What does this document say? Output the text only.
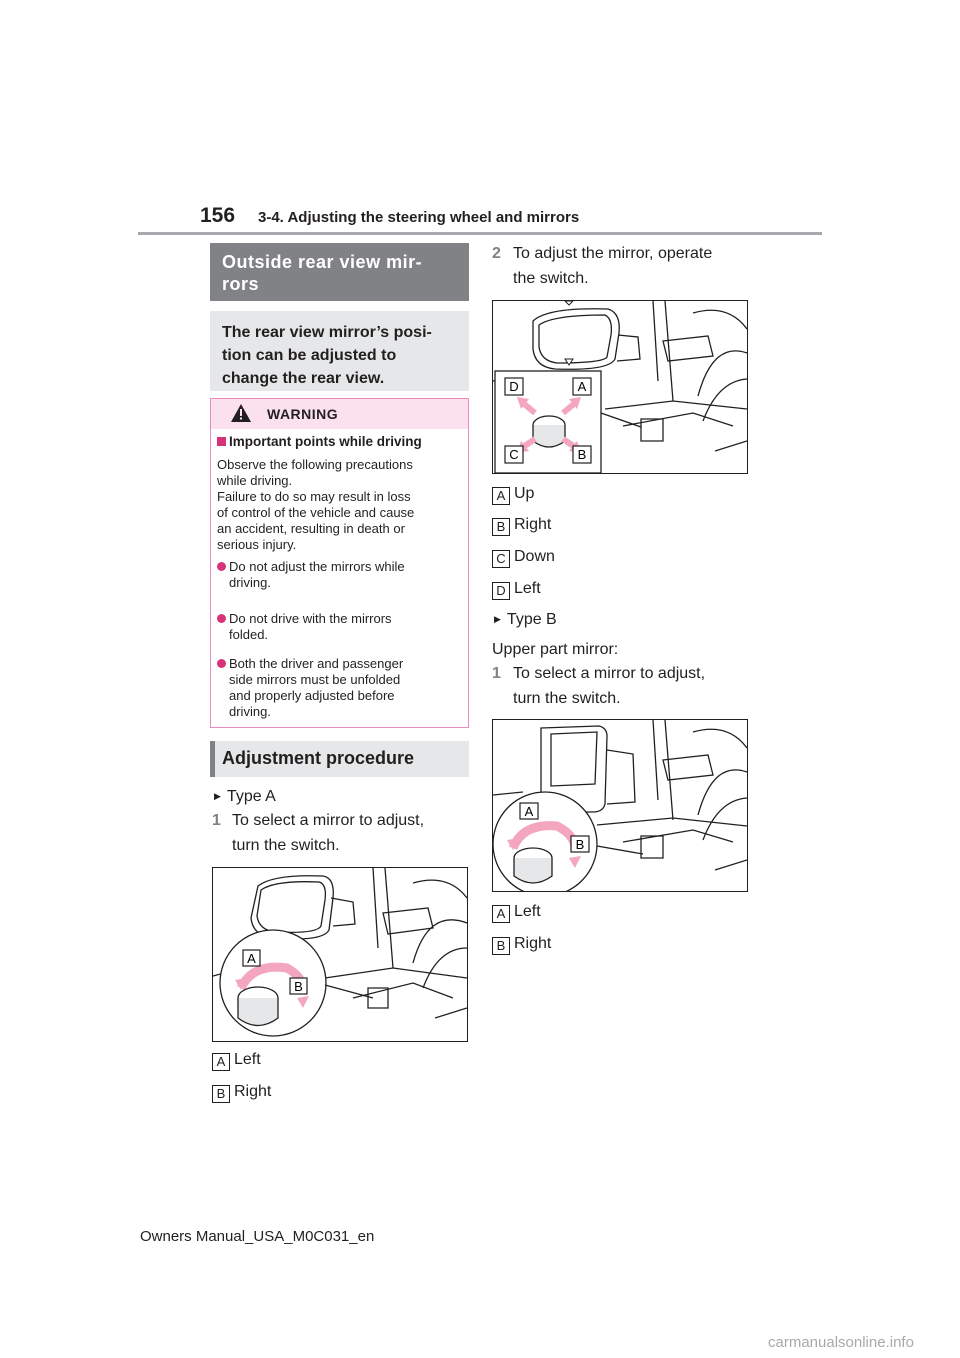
156 3-4. Adjusting the steering wheel and mirrors
Outside rear view mir-
rors
The rear view mirror’s posi-
tion can be adjusted to
change the rear view.
WARNING
Important points while driving
Observe the following precautions
while driving.
Failure to do so may result in loss
of control of the vehicle and cause
an accident, resulting in death or
serious injury.
Do not adjust the mirrors while
driving.
Do not drive with the mirrors
folded.
Both the driver and passenger
side mirrors must be unfolded
and properly adjusted before
driving.
Adjustment procedure
▶ Type A
1 To select a mirror to adjust,
turn the switch.
A
B
A Left
B Right
2 To adjust the mirror, operate
the switch.
D	A
C	B
A Up
B Right
C Down
D Left
▶ Type B
Upper part mirror:
1 To select a mirror to adjust,
turn the switch.
A
B
A Left
B Right
Owners Manual_USA_M0C031_en
carmanualsonline.info
